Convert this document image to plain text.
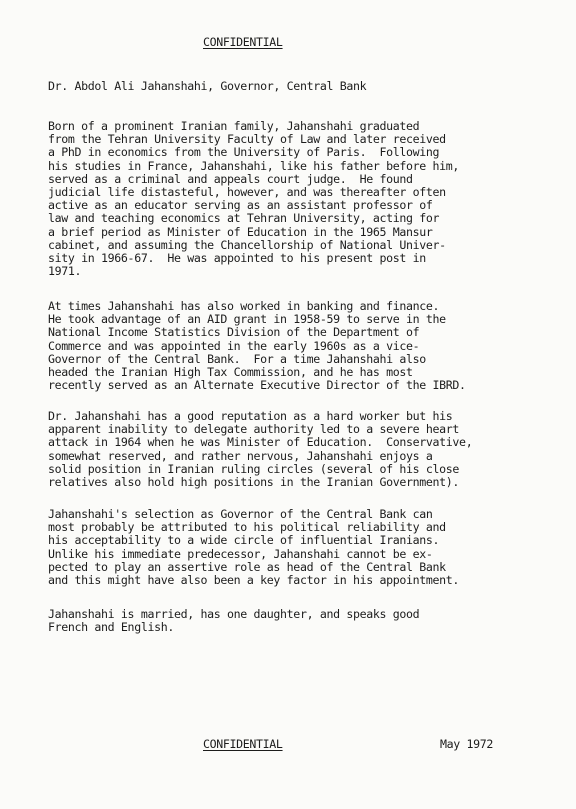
CONFIDENTIAL
Dr. Abdol Ali Jahanshahi, Governor, Central Bank
Born of a prominent Iranian family, Jahanshahi graduated
from the Tehran University Faculty of Law and later received
a PhD in economics from the University of Paris.  Following
his studies in France, Jahanshahi, like his father before him,
served as a criminal and appeals court judge.  He found
judicial life distasteful, however, and was thereafter often
active as an educator serving as an assistant professor of
law and teaching economics at Tehran University, acting for
a brief period as Minister of Education in the 1965 Mansur
cabinet, and assuming the Chancellorship of National Univer-
sity in 1966-67.  He was appointed to his present post in
1971.
At times Jahanshahi has also worked in banking and finance.
He took advantage of an AID grant in 1958-59 to serve in the
National Income Statistics Division of the Department of
Commerce and was appointed in the early 1960s as a vice-
Governor of the Central Bank.  For a time Jahanshahi also
headed the Iranian High Tax Commission, and he has most
recently served as an Alternate Executive Director of the IBRD.
Dr. Jahanshahi has a good reputation as a hard worker but his
apparent inability to delegate authority led to a severe heart
attack in 1964 when he was Minister of Education.  Conservative,
somewhat reserved, and rather nervous, Jahanshahi enjoys a
solid position in Iranian ruling circles (several of his close
relatives also hold high positions in the Iranian Government).
Jahanshahi's selection as Governor of the Central Bank can
most probably be attributed to his political reliability and
his acceptability to a wide circle of influential Iranians.
Unlike his immediate predecessor, Jahanshahi cannot be ex-
pected to play an assertive role as head of the Central Bank
and this might have also been a key factor in his appointment.
Jahanshahi is married, has one daughter, and speaks good
French and English.
CONFIDENTIAL	May 1972
